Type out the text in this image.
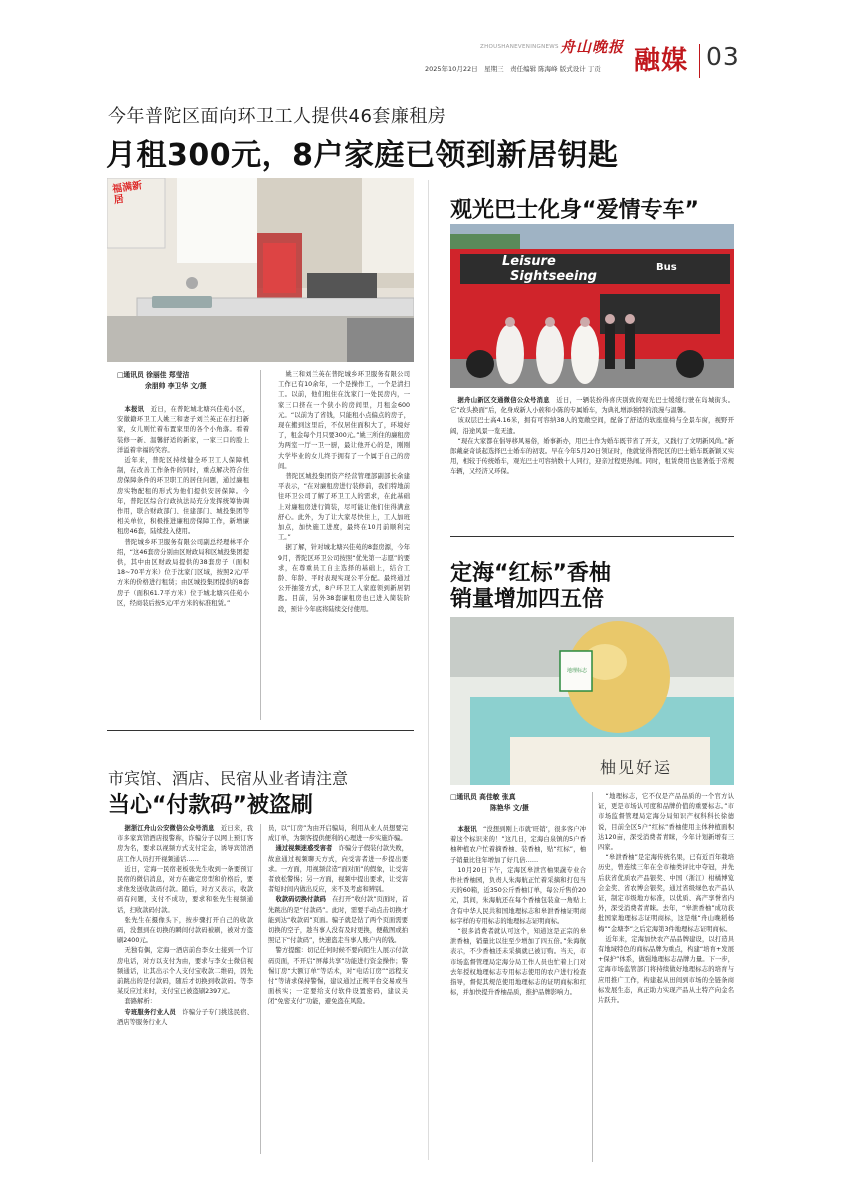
ZHOUSHANEVENINGNEWS 舟山晚报 融媒 03
2025年10月22日　星期三　责任编辑 陈海峰 版式设计 丁贡
今年普陀区面向环卫工人提供46套廉租房
月租300元，8户家庭已领到新居钥匙
福满新居
□通讯员 徐丽佳 郑莹洁
余朋帅 李卫华 文/摄

本报讯　 近日，在普陀城北塘兴佳苑小区，安徽籍环卫工人姚三和妻子刘兰英正在打扫新家，女儿则忙着布置家里的各个小角落。看着装修一新、温馨舒适的新家，一家三口的脸上洋溢着幸福的笑容。

近年来，普陀区持续健全环卫工人保障机制，在改善工作条件的同时，重点解决符合住房保障条件的环卫职工的居住问题，通过廉租房实物配租的形式为他们提供安居保障。今年，普陀区综合行政执法局充分发挥统筹协调作用，联合财政部门、住建部门、城投集团等相关单位，积极推进廉租房保障工作，新增廉租房46套，陆续投入使用。

普陀城乡环卫服务有限公司副总经理林平介绍，“这46套房分别由区财政局和区城投集团提供，其中由区财政局提供的38套房子（面积18~70平方米）位于沈家门区域，按照2元/平方米的价格进行租赁；由区城投集团提供的8套房子（面积61.7平方米）位于城北塘兴佳苑小区，经商装后按5元/平方米的标准租赁。”

姚三和刘兰英在普陀城乡环卫服务有限公司工作已有10余年，一个是操作工，一个是清扫工。以前，他们租住在沈家门一处民房内，一家三口挤在一个狭小的房间里，月租金600元。“以前为了省钱，只能租小点偏点的房子，现在搬到这里后，不仅居住面积大了，环境好了，租金每个月只要300元。”姚三所住的廉租房为两室一厅一卫一厨，最让他开心的是，刚刚大学毕业的女儿终于拥有了一个属于自己的房间。

普陀区城投集团资产经营管理部副部长余建平表示，“在对廉租房进行装修前，我们特地前往环卫公司了解了环卫工人的需求，在此基础上对廉租房进行简装，尽可能让他们住得满意舒心。此外，为了让大家尽快住上，工人加班加点，加快施工进度，最终在10月前顺利完工。”

据了解，针对城北塘兴佳苑的8套房源，今年9月，普陀区环卫公司按照“优先第一志愿”的要求，在尊重员工自主选择的基础上，结合工龄、年龄、平时表现实现公平分配。最终通过公开抽签方式，8户环卫工人家庭领到新居钥匙。目前，另外38套廉租房也已进入简装阶段，预计今年底将陆续交付使用。

市宾馆、酒店、民宿从业者请注意
当心“付款码”被盗刷

据浙江舟山公安微信公众号消息　 近日来，我市多家宾馆酒店报警称，诈骗分子以网上预订客房为名，要求以视频方式支付定金，诱导宾馆酒店工作人员打开视频通话……

近日，定海一民宿老板张先生收到一条要预订民宿的微信消息，对方在确定房型和价格后，要求他发送收款码付款。随后，对方又表示，收款码有问题，支付不成功，要求和张先生视频通话，扫收款码付款。

张先生在摄像头下，按步骤打开自己的收款码，没想到在切换的瞬间付款码被刷，被对方盗刷2400元。

无独有偶，定海一酒店前台李女士接到一个订房电话，对方以支付为由，要求与李女士微信视频通话，让其出示个人支付宝收款二维码，因先前跳出的是付款码，随后才切换到收款码。等李某反应过来时，支付宝已被盗刷2397元。

套路解析：

专班服务行业人员　 诈骗分子专门挑选民宿、酒店等服务行业人

员，以“订房”为由开启骗局，利用从业人员想要完成订单，为频客提供便利的心理进一步实施诈骗。

通过视频迷惑受害者　 诈骗分子假装付款失败，故意通过视频聊天方式，向受害者进一步提出要求。一方面，用视频营造“面对面”的假象，让受害者放松警惕；另一方面，视频中提出要求，让受害者短时间内做出反应，来不及考虑和辨别。

收款码切换付款码　 在打开“收付款”页面时，首先跳出的是“付款码”。此时，需要手动点击切换才能到达“收款码”页面。骗子就是钻了两个页面需要切换的空子，趁当事人没有及时更换，便截图或拍照记下“付款码”，快速盗走当事人账户内的钱。

警方提醒：切记任何时候不要向陌生人展示付款码页面，不开启“屏幕共享”功能进行资金操作；警惕订房“大额订单”等话术，对“电话订房”“远程支付”等请求保持警惕，建议通过正规平台交易或当面核实；一定要给支付软件设置密码，建议关闭“免密支付”功能，避免盗在风险。

观光巴士化身“爱情专车”
Leisure
Sightseeing
Bus

据舟山新区交通微信公众号消息　 近日，一辆装扮得喜庆别致的观光巴士缓缓行驶在岛城街头。它“改头换面”后，化身成新人小蔟和小陈的专属婚车，为典礼增添独特的浪漫与温馨。

该双层巴士高4.16米，拥有可容纳38人的宽敞空间，配备了舒适的软座座椅与全景车窗，视野开阔，沿途风景一览无遗。

“现在大家都在倡导移风易俗，婚事新办，用巴士作为婚车既节省了开支，又践行了文明新风尚。”新郎戴豪奇谈起选择巴士婚车的初衷。早在今年5月20日领证时，他就觉得普陀区的巴士婚车既新颖又实用，相较于传统婚车，观光巴士可容纳数十人同行，迎亲过程更热闹。同时，租赁费用也显著低于常规车辆，又经济又环保。

定海“红标”香柚
销量增加四五倍
地理标志
柚见好运
□通讯员 高佳敏 张真
陈艳华 文/摄

本报讯　 “没想到刚上市就‘旺销’，很多客户冲着这个标识来的！”这几日，定海白泉镇的5户香柚种植农户忙着摘香柚、装香柚，贴“红标”，柚子销量比往年增加了好几倍……

10月20日下午，定海区皋泄宫柚果蔬专业合作社香柚园，负责人朱海航正忙着采摘和打包当天的60箱，近350公斤香柚订单，每公斤售价20元，其间，朱海航还在每个香柚包装盒一角贴上含有中华人民共和国地理标志和皋泄香柚证明商标字样的专用标志的地理标志证明商标。

“很多消费者就认可这个，知道这是正宗的皋泄香柚，销量比以往至少增加了四五倍。”朱海航表示，不少香柚还未采摘就已被订购。当天，市市场监督管理局定海分局工作人员也忙着上门对去年授权地理标志专用标志使用的农户进行检查指导，督促其规范使用地理标志的证明商标和红标，并加快提升香柚品质，推护品牌影响力。

“地理标志，它不仅是产品品质的一个官方认证，更是市场认可度和品牌价值的重要标志。”市市场监督管理局定海分局知识产权科科长徐德说，目前全区5户“红标”香柚使用主体种植面积达120亩，深受消费者青睐，今年计划新增有三四家。

“皋泄香柚”是定海传统名果，已有近百年栽培历史，曾连续三年在全市柚类评比中夺冠，并先后获省优质农产品银奖、中国（浙江）柑橘博览会金奖、省农博会银奖，通过省级绿色农产品认证，制定市级地方标准，以优质、高产享誉省内外，深受消费者青睐。去年，“皋泄香柚”成功获批国家地理标志证明商标，这是继“舟山晚稻杨梅”“金塘李”之后定海第3件地理标志证明商标。

近年来，定海加快农产品品牌建设，以打造具有地域特色的商标品牌为重点，构建“培育+发展+保护”体系，做强地理标志品牌力量。下一步，定海市场监管部门将持续做好地理标志的培育与应用推广工作，构建起从田间到市场的全链条商标发展生态，真正助力实现产品从土特产向金名片跃升。
